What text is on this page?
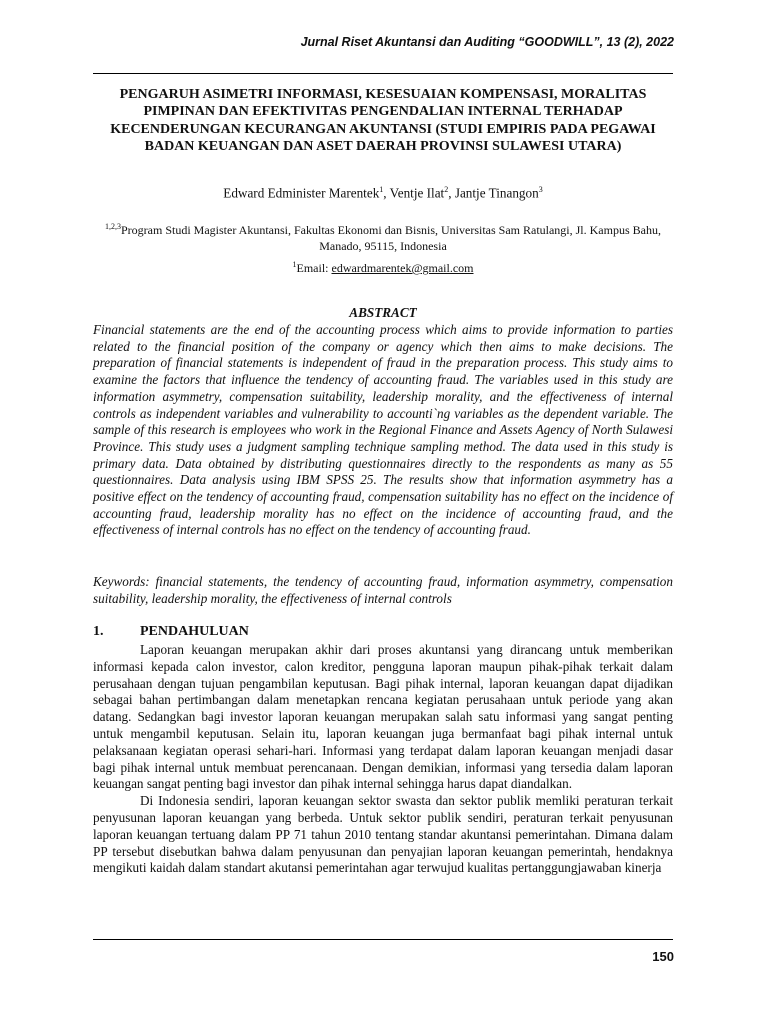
Jurnal Riset Akuntansi dan Auditing “GOODWILL”, 13 (2), 2022
PENGARUH ASIMETRI INFORMASI, KESESUAIAN KOMPENSASI, MORALITAS PIMPINAN DAN EFEKTIVITAS PENGENDALIAN INTERNAL TERHADAP KECENDERUNGAN KECURANGAN AKUNTANSI (STUDI EMPIRIS PADA PEGAWAI BADAN KEUANGAN DAN ASET DAERAH PROVINSI SULAWESI UTARA)
Edward Edminister Marentek$^1$, Ventje Ilat$^2$, Jantje Tinangon$^3$
$^{1,2,3}$Program Studi Magister Akuntansi, Fakultas Ekonomi dan Bisnis, Universitas Sam Ratulangi, Jl. Kampus Bahu, Manado, 95115, Indonesia
$^1$Email: edwardmarentek@gmail.com
ABSTRACT

Financial statements are the end of the accounting process which aims to provide information to parties related to the financial position of the company or agency which then aims to make decisions. The preparation of financial statements is independent of fraud in the preparation process. This study aims to examine the factors that influence the tendency of accounting fraud. The variables used in this study are information asymmetry, compensation suitability, leadership morality, and the effectiveness of internal controls as independent variables and vulnerability to accounti`ng variables as the dependent variable. The sample of this research is employees who work in the Regional Finance and Assets Agency of North Sulawesi Province. This study uses a judgment sampling technique sampling method. The data used in this study is primary data. Data obtained by distributing questionnaires directly to the respondents as many as 55 questionnaires. Data analysis using IBM SPSS 25. The results show that information asymmetry has a positive effect on the tendency of accounting fraud, compensation suitability has no effect on the incidence of accounting fraud, leadership morality has no effect on the incidence of accounting fraud, and the effectiveness of internal controls has no effect on the tendency of accounting fraud.

Keywords: financial statements, the tendency of accounting fraud, information asymmetry, compensation suitability, leadership morality, the effectiveness of internal controls

1.	PENDAHULUAN

Laporan keuangan merupakan akhir dari proses akuntansi yang dirancang untuk memberikan informasi kepada calon investor, calon kreditor, pengguna laporan maupun pihak-pihak terkait dalam perusahaan dengan tujuan pengambilan keputusan. Bagi pihak internal, laporan keuangan dapat dijadikan sebagai bahan pertimbangan dalam menetapkan rencana kegiatan perusahaan untuk periode yang akan datang. Sedangkan bagi investor laporan keuangan merupakan salah satu informasi yang sangat penting untuk mengambil keputusan. Selain itu, laporan keuangan juga bermanfaat bagi pihak internal untuk pelaksanaan kegiatan operasi sehari-hari. Informasi yang terdapat dalam laporan keuangan menjadi dasar bagi pihak internal untuk membuat perencanaan. Dengan demikian, informasi yang tersedia dalam laporan keuangan sangat penting bagi investor dan pihak internal sehingga harus dapat diandalkan.

Di Indonesia sendiri, laporan keuangan sektor swasta dan sektor publik memliki peraturan terkait penyusunan laporan keuangan yang berbeda. Untuk sektor publik sendiri, peraturan terkait penyusunan laporan keuangan tertuang dalam PP 71 tahun 2010 tentang standar akuntansi pemerintahan. Dimana dalam PP tersebut disebutkan bahwa dalam penyusunan dan penyajian laporan keuangan pemerintah, hendaknya mengikuti kaidah dalam standart akutansi pemerintahan agar terwujud kualitas pertanggungjawaban kinerja

150
